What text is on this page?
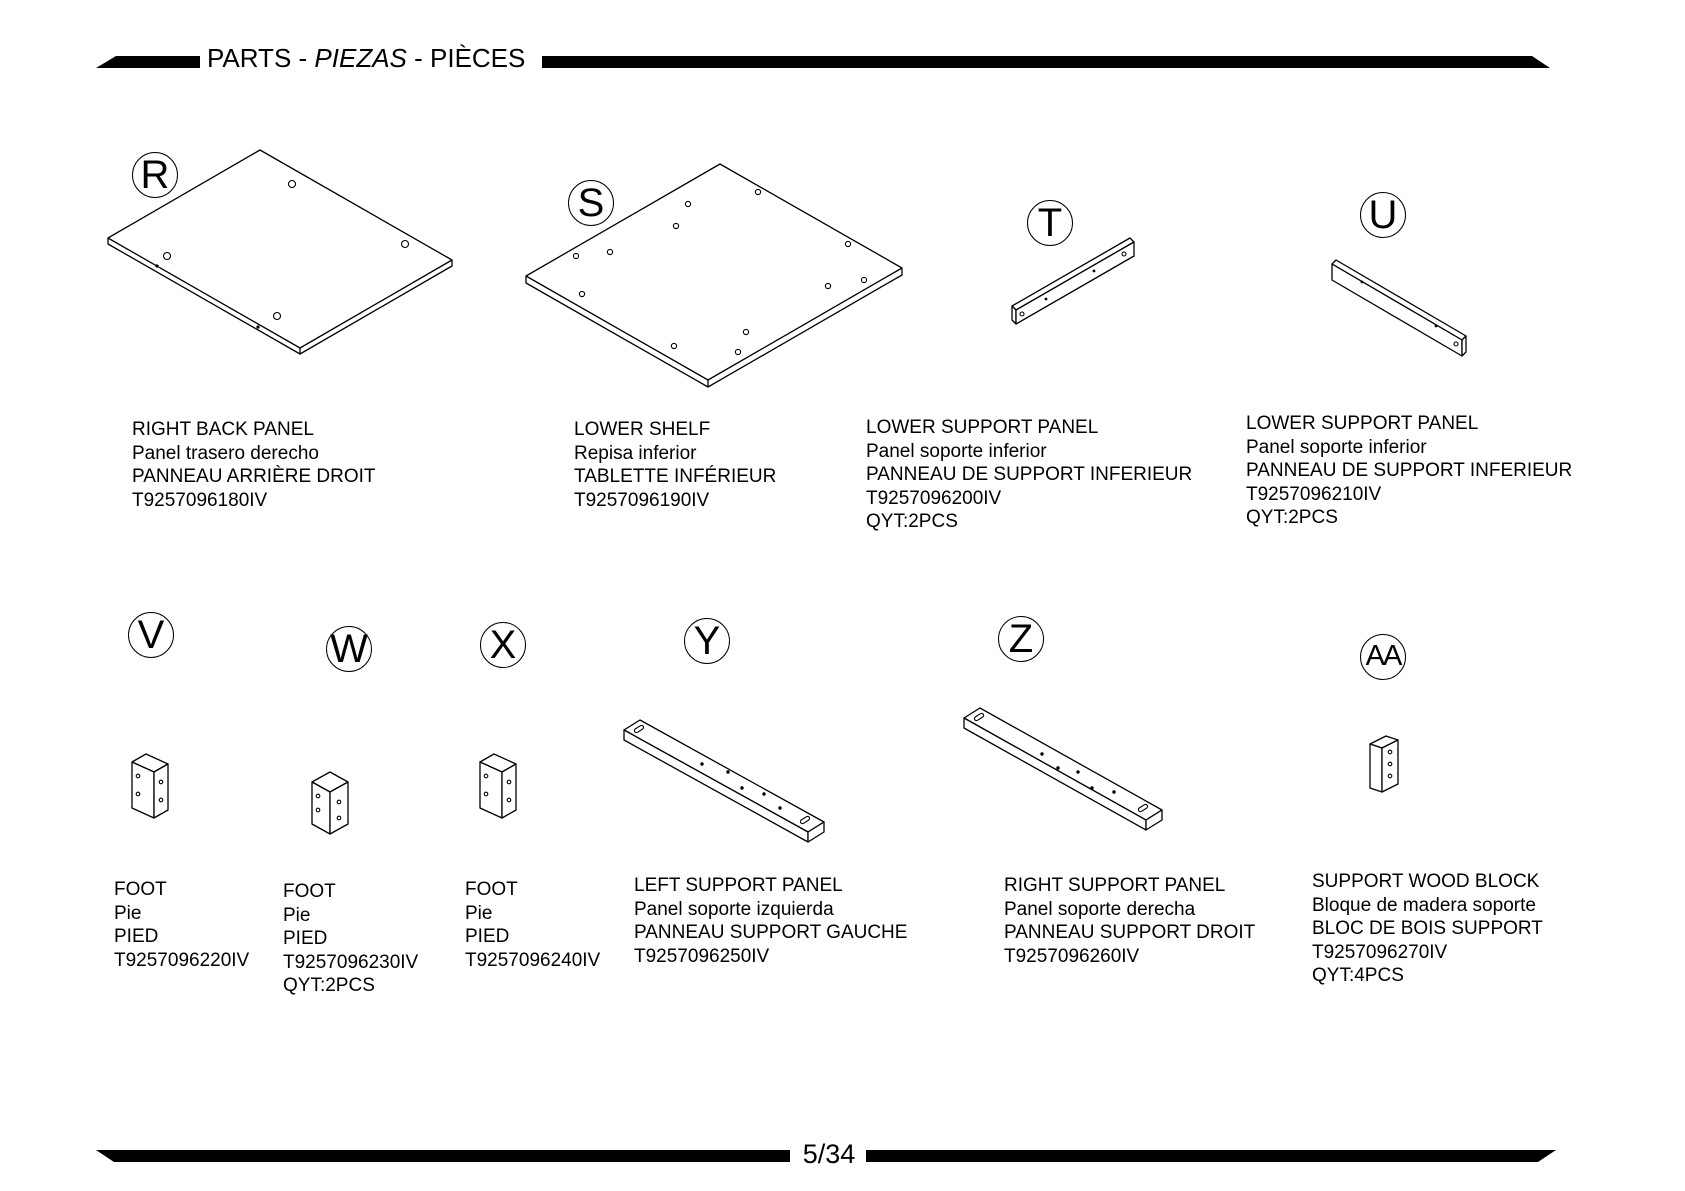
PARTS - PIEZAS - PIÈCES
5/34
R
RIGHT BACK PANEL
Panel trasero derecho
PANNEAU ARRIÈRE DROIT
T9257096180IV
S
LOWER SHELF
Repisa inferior
TABLETTE INFÉRIEUR
T9257096190IV
T
LOWER SUPPORT PANEL
Panel soporte inferior
PANNEAU DE SUPPORT INFERIEUR
T9257096200IV
QYT:2PCS
U
LOWER SUPPORT PANEL
Panel soporte inferior
PANNEAU DE SUPPORT INFERIEUR
T9257096210IV
QYT:2PCS
V
FOOT
Pie
PIED
T9257096220IV
W
FOOT
Pie
PIED
T9257096230IV
QYT:2PCS
X
FOOT
Pie
PIED
T9257096240IV
Y
LEFT SUPPORT PANEL
Panel soporte izquierda
PANNEAU SUPPORT GAUCHE
T9257096250IV
Z
RIGHT SUPPORT PANEL
Panel soporte derecha
PANNEAU SUPPORT DROIT
T9257096260IV
AA
SUPPORT WOOD BLOCK
Bloque de madera soporte
BLOC DE BOIS SUPPORT
T9257096270IV
QYT:4PCS
